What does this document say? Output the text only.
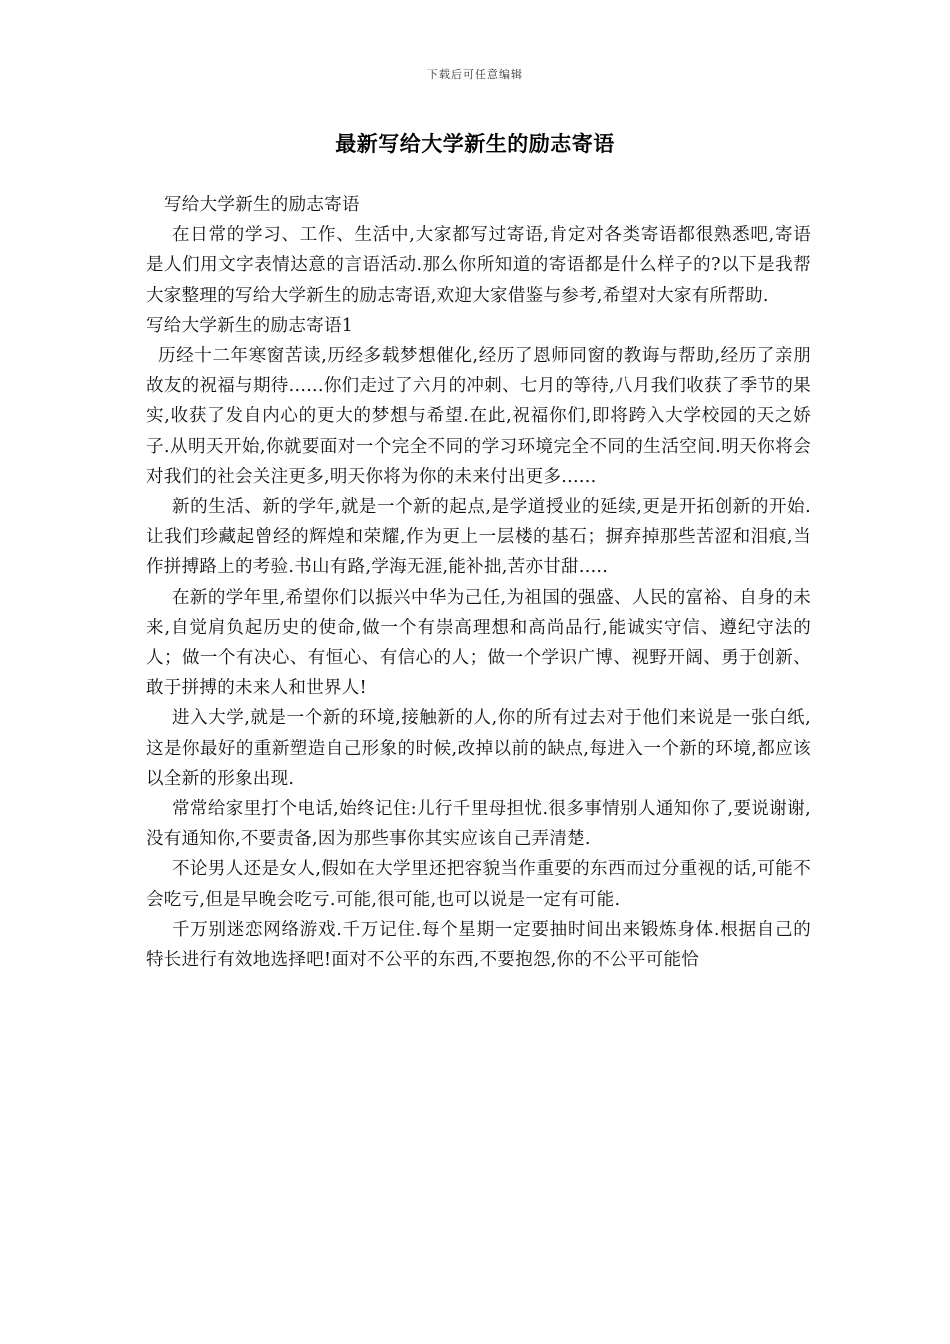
下载后可任意编辑
最新写给大学新生的励志寄语

写给大学新生的励志寄语

在日常的学习、工作、生活中,大家都写过寄语,肯定对各类寄语都很熟悉吧,寄语是人们用文字表情达意的言语活动.那么你所知道的寄语都是什么样子的?以下是我帮大家整理的写给大学新生的励志寄语,欢迎大家借鉴与参考,希望对大家有所帮助.

写给大学新生的励志寄语1

历经十二年寒窗苦读,历经多载梦想催化,经历了恩师同窗的教诲与帮助,经历了亲朋故友的祝福与期待......你们走过了六月的冲刺、七月的等待,八月我们收获了季节的果实,收获了发自内心的更大的梦想与希望.在此,祝福你们,即将跨入大学校园的天之娇子.从明天开始,你就要面对一个完全不同的学习环境完全不同的生活空间.明天你将会对我们的社会关注更多,明天你将为你的未来付出更多......

新的生活、新的学年,就是一个新的起点,是学道授业的延续,更是开拓创新的开始.让我们珍藏起曾经的辉煌和荣耀,作为更上一层楼的基石；摒弃掉那些苦涩和泪痕,当作拼搏路上的考验.书山有路,学海无涯,能补拙,苦亦甘甜.....

在新的学年里,希望你们以振兴中华为己任,为祖国的强盛、人民的富裕、自身的未来,自觉肩负起历史的使命,做一个有崇高理想和高尚品行,能诚实守信、遵纪守法的人；做一个有决心、有恒心、有信心的人；做一个学识广博、视野开阔、勇于创新、敢于拼搏的未来人和世界人!

进入大学,就是一个新的环境,接触新的人,你的所有过去对于他们来说是一张白纸,这是你最好的重新塑造自己形象的时候,改掉以前的缺点,每进入一个新的环境,都应该以全新的形象出现.

常常给家里打个电话,始终记住:儿行千里母担忧.很多事情别人通知你了,要说谢谢,没有通知你,不要责备,因为那些事你其实应该自己弄清楚.

不论男人还是女人,假如在大学里还把容貌当作重要的东西而过分重视的话,可能不会吃亏,但是早晚会吃亏.可能,很可能,也可以说是一定有可能.

千万别迷恋网络游戏.千万记住.每个星期一定要抽时间出来锻炼身体.根据自己的特长进行有效地选择吧!面对不公平的东西,不要抱怨,你的不公平可能恰
